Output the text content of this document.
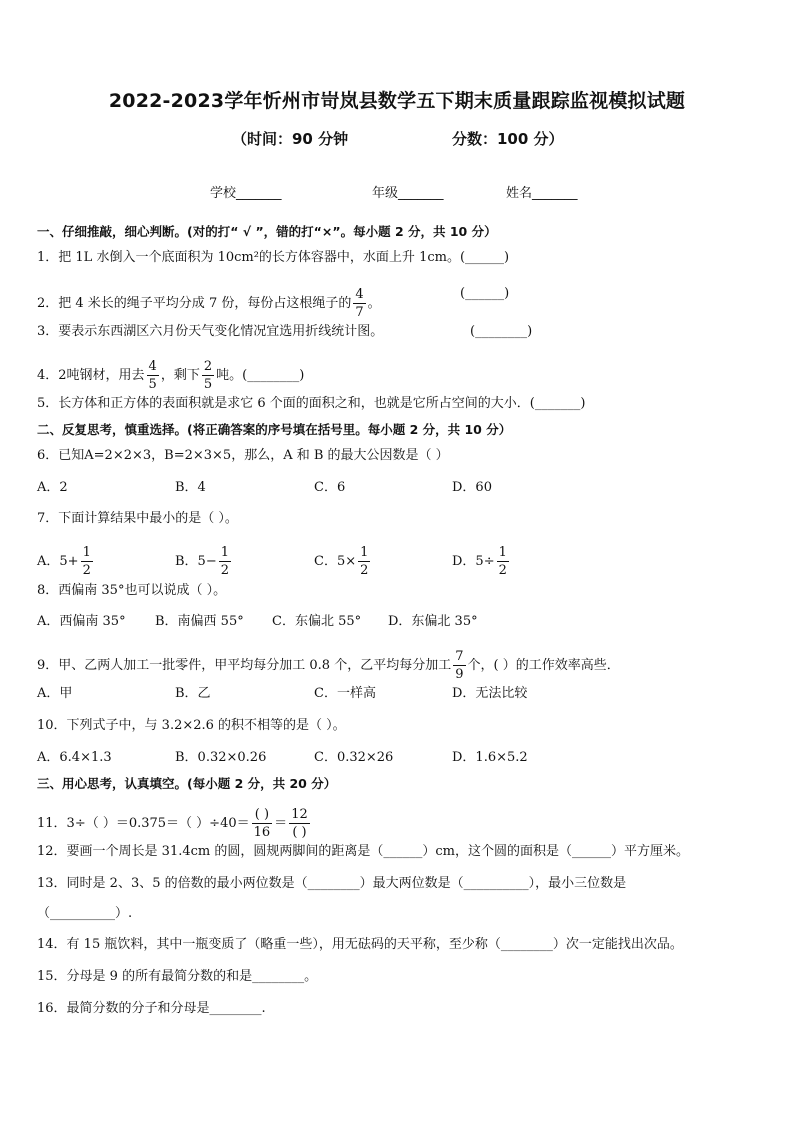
2022-2023学年忻州市岢岚县数学五下期末质量跟踪监视模拟试题
（时间：90 分钟	分数：100 分）
学校_______	年级_______	姓名_______
一、仔细推敲，细心判断。(对的打“ √ ”，错的打“×”。每小题 2 分，共 10 分）
1．把 1L 水倒入一个底面积为 10cm²的长方体容器中，水面上升 1cm。(______)
2．把 4 米长的绳子平均分成 7 份，每份占这根绳子的 $\frac{4}{7}$ 。
(______)
3．要表示东西湖区六月份天气变化情况宜选用折线统计图。	(________)
4．2吨钢材，用去 $\frac{4}{5}$ ，剩下 $\frac{2}{5}$ 吨。(________)
5．长方体和正方体的表面积就是求它 6 个面的面积之和，也就是它所占空间的大小．(_______)
二、反复思考，慎重选择。(将正确答案的序号填在括号里。每小题 2 分，共 10 分）
6．已知A=2×2×3，B=2×3×5，那么，A 和 B 的最大公因数是（ ）
A．2	B．4	C．6	D．60
7．下面计算结果中最小的是（ ）。
A．$5+ \frac{1}{2}$	B．$5- \frac{1}{2}$	C．$5\times \frac{1}{2}$	D．$5\div \frac{1}{2}$
8．西偏南 35°也可以说成（ ）。
A．西偏南 35° B．南偏西 55° C．东偏北 55° D．东偏北 35°
9．甲、乙两人加工一批零件，甲平均每分加工 0.8 个，乙平均每分加工 $\frac{7}{9}$ 个，( ）的工作效率高些．
A．甲	B．乙	C．一样高	D．无法比较
10．下列式子中，与 3.2×2.6 的积不相等的是（ ）。
A．6.4×1.3	B．0.32×0.26	C．0.32×26	D．1.6×5.2
三、用心思考，认真填空。(每小题 2 分，共 20 分）
11．3÷（ ）＝0.375＝（ ）$\div 40= \frac{( )}{16} = \frac{12}{( )}$
12．要画一个周长是 31.4cm 的圆，圆规两脚间的距离是（______）cm，这个圆的面积是（______）平方厘米。
13．同时是 2、3、5 的倍数的最小两位数是（________）最大两位数是（__________），最小三位数是
（__________）.
14．有 15 瓶饮料，其中一瓶变质了（略重一些），用无砝码的天平称，至少称（________）次一定能找出次品。
15．分母是 9 的所有最简分数的和是________。
16．最简分数的分子和分母是________.
